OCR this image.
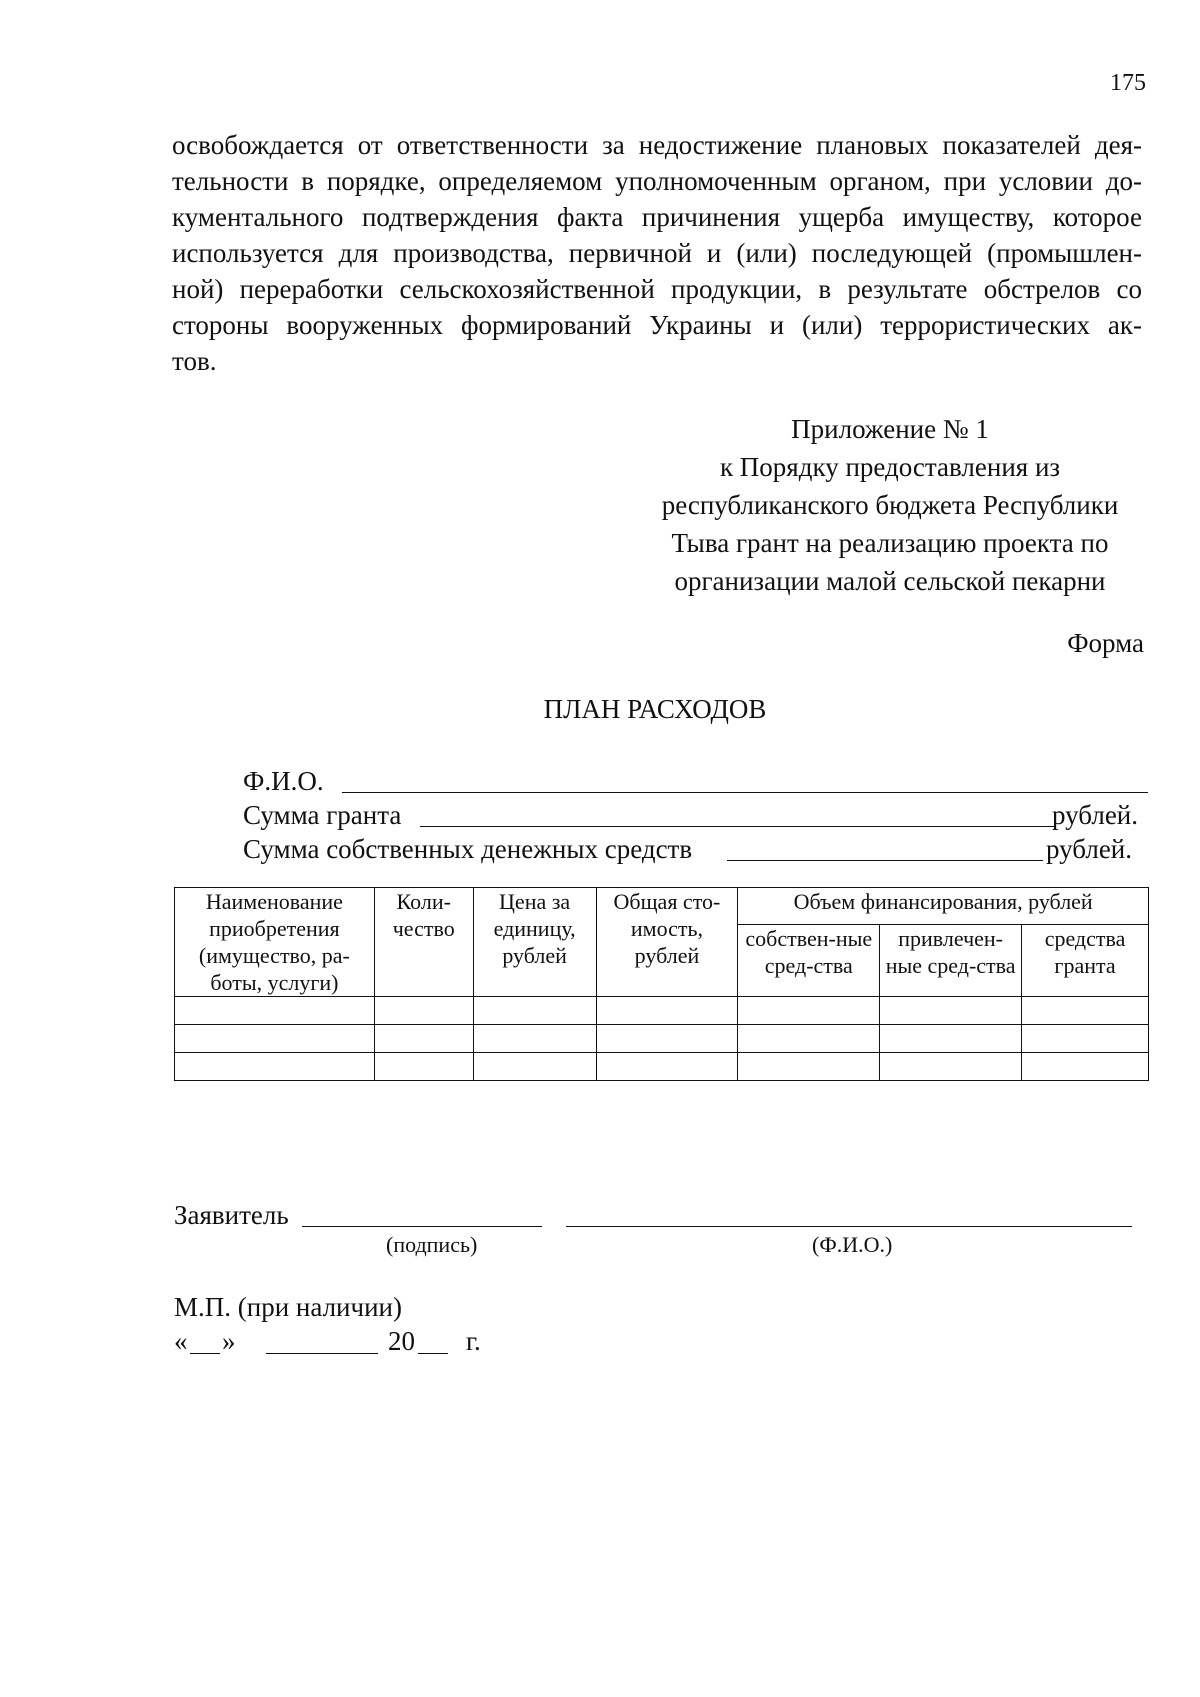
175
освобождается от ответственности за недостижение плановых показателей дея-
тельности в порядке, определяемом уполномоченным органом, при условии до-
кументального подтверждения факта причинения ущерба имуществу, которое
используется для производства, первичной и (или) последующей (промышлен-
ной) переработки сельскохозяйственной продукции, в результате обстрелов со
стороны вооруженных формирований Украины и (или) террористических ак-
тов.
Приложение № 1
к Порядку предоставления из
республиканского бюджета Республики
Тыва грант на реализацию проекта по
организации малой сельской пекарни
Форма
ПЛАН РАСХОДОВ
Ф.И.О.
Сумма гранта	рублей.
Сумма собственных денежных средств	рублей.
Наименование приобретения (имущество, ра-боты, услуги)	Коли-чество	Цена за единицу, рублей	Общая сто-имость, рублей	Объем финансирования, рублей		
				собствен-ные сред-ства	привлечен-ные сред-ства	средства гранта

Заявитель
(подпись)	(Ф.И.О.)
М.П. (при наличии)
« »	20 г.
